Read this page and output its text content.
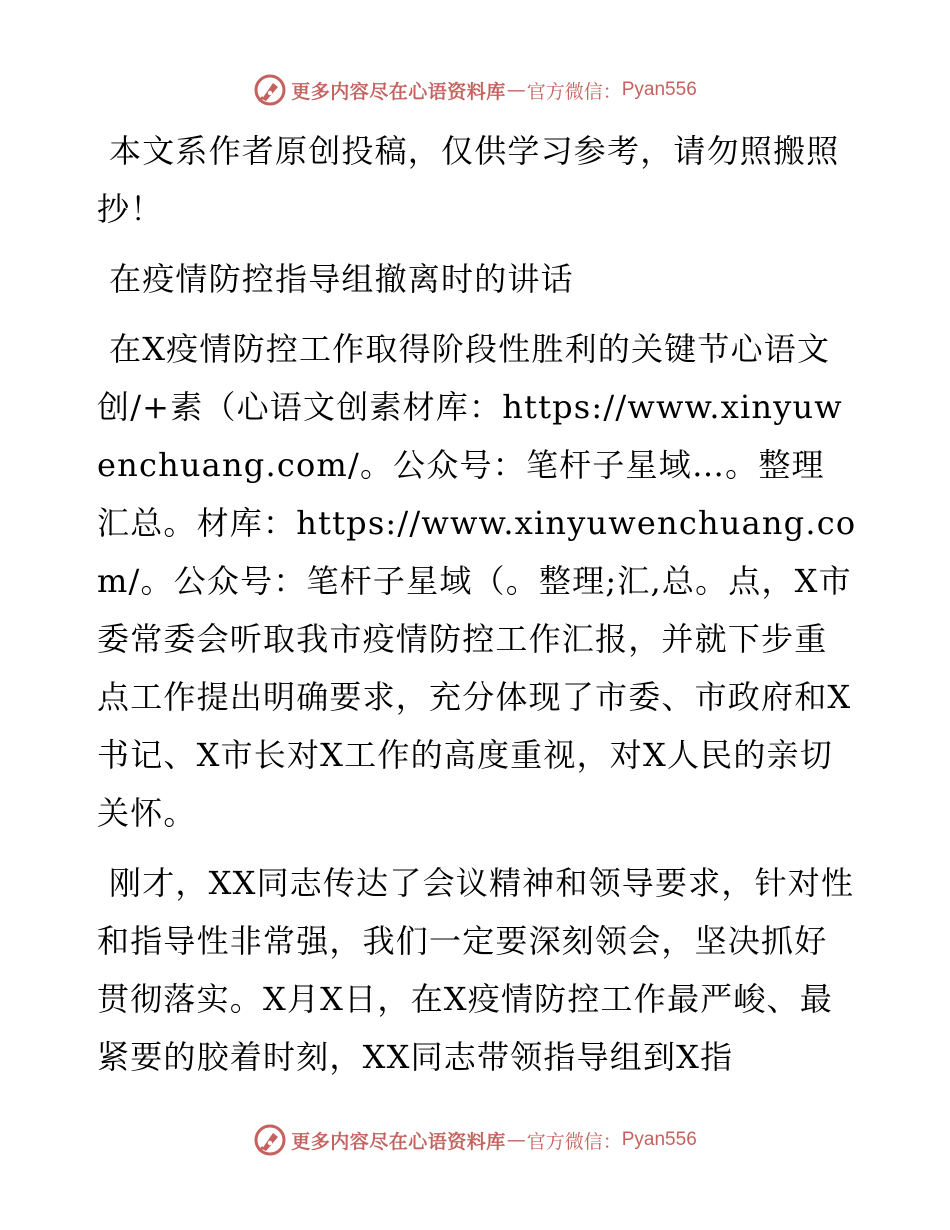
更多内容尽在心语资料库 — 官方微信： Pyan556

本文系作者原创投稿，仅供学习参考，请勿照搬照抄！

在疫情防控指导组撤离时的讲话

在X疫情防控工作取得阶段性胜利的关键节心语文创/+素（心语文创素材库：https://www.xinyuwenchuang.com/。公众号：笔杆子星域…。整理汇总。材库：https://www.xinyuwenchuang.com/。公众号：笔杆子星域（。整理;汇,总。点，X市委常委会听取我市疫情防控工作汇报，并就下步重点工作提出明确要求，充分体现了市委、市政府和X书记、X市长对X工作的高度重视，对X人民的亲切关怀。

刚才，XX同志传达了会议精神和领导要求，针对性和指导性非常强，我们一定要深刻领会，坚决抓好贯彻落实。X月X日，在X疫情防控工作最严峻、最紧要的胶着时刻，XX同志带领指导组到X指

更多内容尽在心语资料库 — 官方微信： Pyan556
